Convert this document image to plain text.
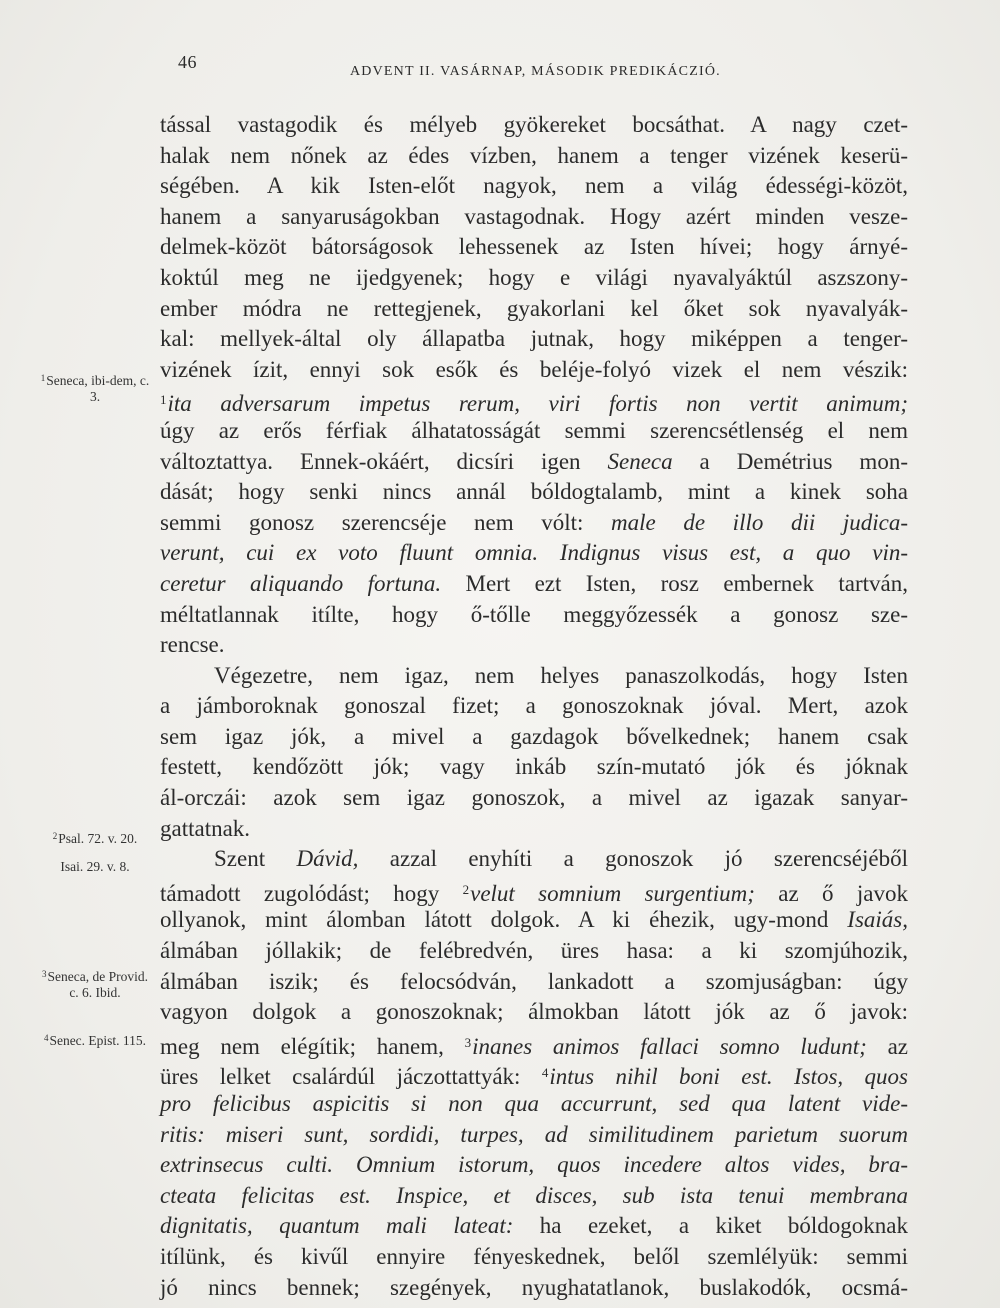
46	ADVENT II. VASÁRNAP, MÁSODIK PREDIKÁCZIÓ.
$^1$Seneca, ibi-dem, c. 3.
$^2$Psal. 72. v. 20.
Isai. 29. v. 8.
$^3$Seneca, de Provid. c. 6. Ibid.
$^4$Senec. Epist. 115.
tással vastagodik és mélyeb gyökereket bocsáthat. A nagy czet-
halak nem nőnek az édes vízben, hanem a tenger vizének keserü-
ségében. A kik Isten-előt nagyok, nem a világ édességi-közöt,
hanem a sanyaruságokban vastagodnak. Hogy azért minden vesze-
delmek-közöt bátorságosok lehessenek az Isten hívei; hogy árnyé-
koktúl meg ne ijedgyenek; hogy e világi nyavalyáktúl aszszony-
ember módra ne rettegjenek, gyakorlani kel őket sok nyavalyák-
kal: mellyek-által oly állapatba jutnak, hogy miképpen a tenger-
vizének ízit, ennyi sok esők és beléje-folyó vizek el nem vészik:
$^1$ita adversarum impetus rerum, viri fortis non vertit animum;
úgy az erős férfiak álhatatosságát semmi szerencsétlenség el nem
változtattya. Ennek-okáért, dicsíri igen Seneca a Demétrius mon-
dását; hogy senki nincs annál bóldogtalamb, mint a kinek soha
semmi gonosz szerencséje nem vólt: male de illo dii judica-
verunt, cui ex voto fluunt omnia. Indignus visus est, a quo vin-
ceretur aliquando fortuna. Mert ezt Isten, rosz embernek tartván,
méltatlannak itílte, hogy ő-tőlle meggyőzessék a gonosz sze-
rencse.
Végezetre, nem igaz, nem helyes panaszolkodás, hogy Isten
a jámboroknak gonoszal fizet; a gonoszoknak jóval. Mert, azok
sem igaz jók, a mivel a gazdagok bővelkednek; hanem csak
festett, kendőzött jók; vagy inkáb szín-mutató jók és jóknak
ál-orczái: azok sem igaz gonoszok, a mivel az igazak sanyar-
gattatnak.
Szent Dávid, azzal enyhíti a gonoszok jó szerencséjéből
támadott zugolódást; hogy $^2$velut somnium surgentium; az ő javok
ollyanok, mint álomban látott dolgok. A ki éhezik, ugy-mond Isaiás,
álmában jóllakik; de felébredvén, üres hasa: a ki szomjúhozik,
álmában iszik; és felocsódván, lankadott a szomjuságban: úgy
vagyon dolgok a gonoszoknak; álmokban látott jók az ő javok:
meg nem elégítik; hanem, $^3$inanes animos fallaci somno ludunt; az
üres lelket csalárdúl jáczottattyák: $^4$intus nihil boni est. Istos, quos
pro felicibus aspicitis si non qua accurrunt, sed qua latent vide-
ritis: miseri sunt, sordidi, turpes, ad similitudinem parietum suorum
extrinsecus culti. Omnium istorum, quos incedere altos vides, bra-
cteata felicitas est. Inspice, et disces, sub ista tenui membrana
dignitatis, quantum mali lateat: ha ezeket, a kiket bóldogoknak
itílünk, és kivűl ennyire fényeskednek, belől szemlélyük: semmi
jó nincs bennek; szegények, nyughatatlanok, buslakodók, ocsmá-
